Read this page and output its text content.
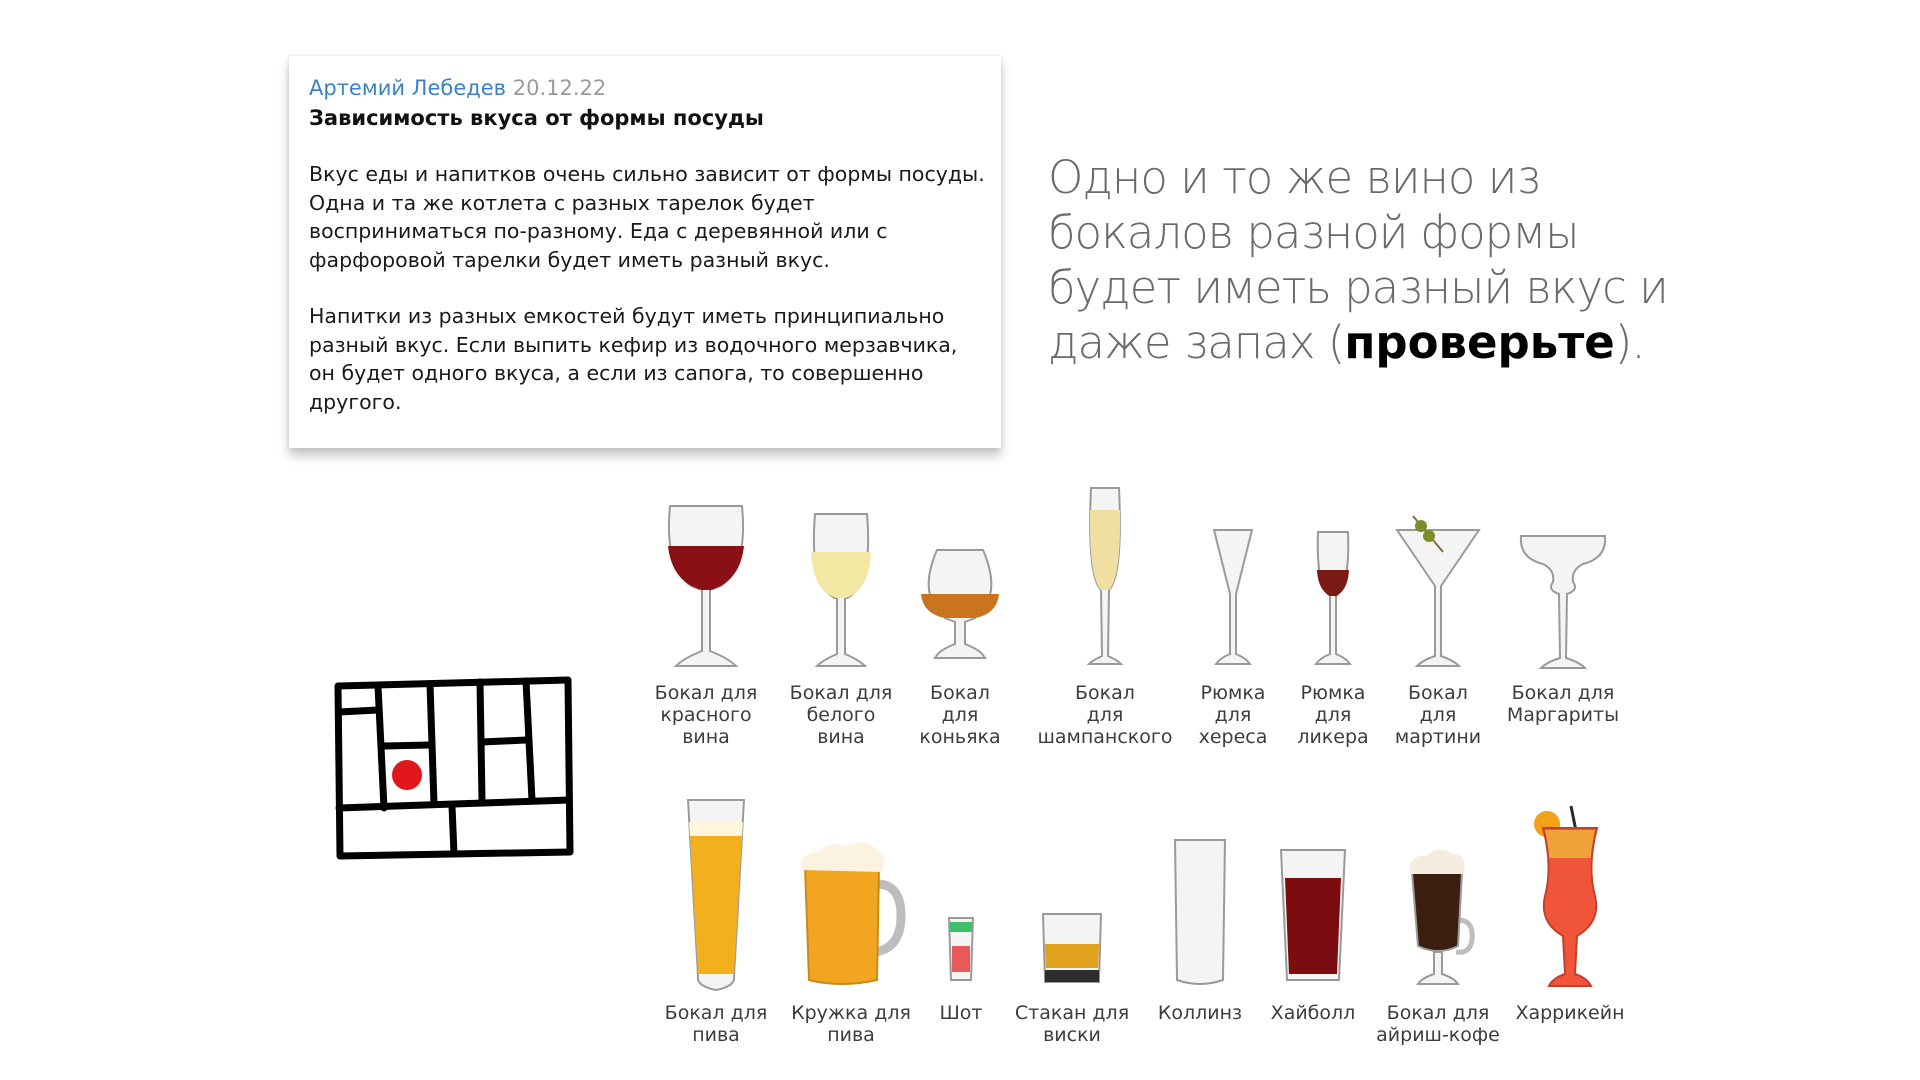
Артемий Лебедев 20.12.22

Зависимость вкуса от формы посуды

Вкус еды и напитков очень сильно зависит от формы посуды. Одна и та же котлета с разных тарелок будет восприниматься по-разному. Еда с деревянной или с фарфоровой тарелки будет иметь разный вкус.

Напитки из разных емкостей будут иметь принципиально разный вкус. Если выпить кефир из водочного мерзавчика, он будет одного вкуса, а если из сапога, то совершенно другого.

Одно и то же вино из бокалов разной формы будет иметь разный вкус и даже запах (проверьте).

Бокал для
красного
вина
Бокал для
белого
вина
Бокал
для
коньяка
Бокал
для
шампанского
Рюмка
для
хереса
Рюмка
для
ликера
Бокал
для
мартини
Бокал для
Маргариты
Бокал для
пива
Кружка для
пива
Шот Стакан для
виски
Коллинз Хайболл	Бокал для
айриш-кофе
Харрикейн
